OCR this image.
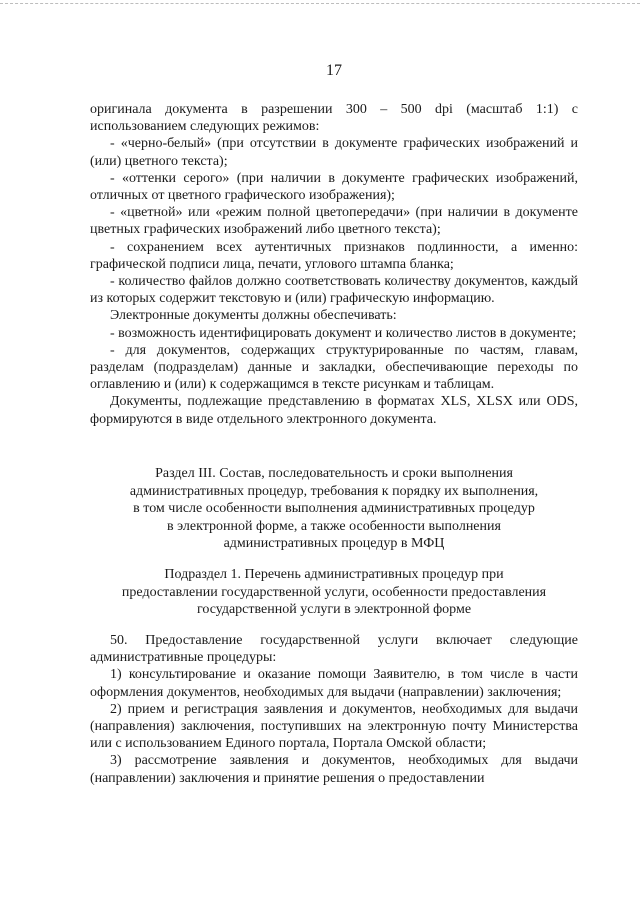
17

оригинала документа в разрешении 300 – 500 dpi (масштаб 1:1) с использованием следующих режимов:

- «черно-белый» (при отсутствии в документе графических изображений и (или) цветного текста);

- «оттенки серого» (при наличии в документе графических изображений, отличных от цветного графического изображения);

- «цветной» или «режим полной цветопередачи» (при наличии в документе цветных графических изображений либо цветного текста);

- сохранением всех аутентичных признаков подлинности, а именно: графической подписи лица, печати, углового штампа бланка;

- количество файлов должно соответствовать количеству документов, каждый из которых содержит текстовую и (или) графическую информацию.

Электронные документы должны обеспечивать:

- возможность идентифицировать документ и количество листов в документе;

- для документов, содержащих структурированные по частям, главам, разделам (подразделам) данные и закладки, обеспечивающие переходы по оглавлению и (или) к содержащимся в тексте рисункам и таблицам.

Документы, подлежащие представлению в форматах XLS, XLSX или ODS, формируются в виде отдельного электронного документа.

Раздел III. Состав, последовательность и сроки выполнения
административных процедур, требования к порядку их выполнения,
в том числе особенности выполнения административных процедур
в электронной форме, а также особенности выполнения
административных процедур в МФЦ
Подраздел 1. Перечень административных процедур при
предоставлении государственной услуги, особенности предоставления
государственной услуги в электронной форме

50. Предоставление государственной услуги включает следующие административные процедуры:

1) консультирование и оказание помощи Заявителю, в том числе в части оформления документов, необходимых для выдачи (направлении) заключения;

2) прием и регистрация заявления и документов, необходимых для выдачи (направления) заключения, поступивших на электронную почту Министерства или с использованием Единого портала, Портала Омской области;

3) рассмотрение заявления и документов, необходимых для выдачи (направлении) заключения и принятие решения о предоставлении
